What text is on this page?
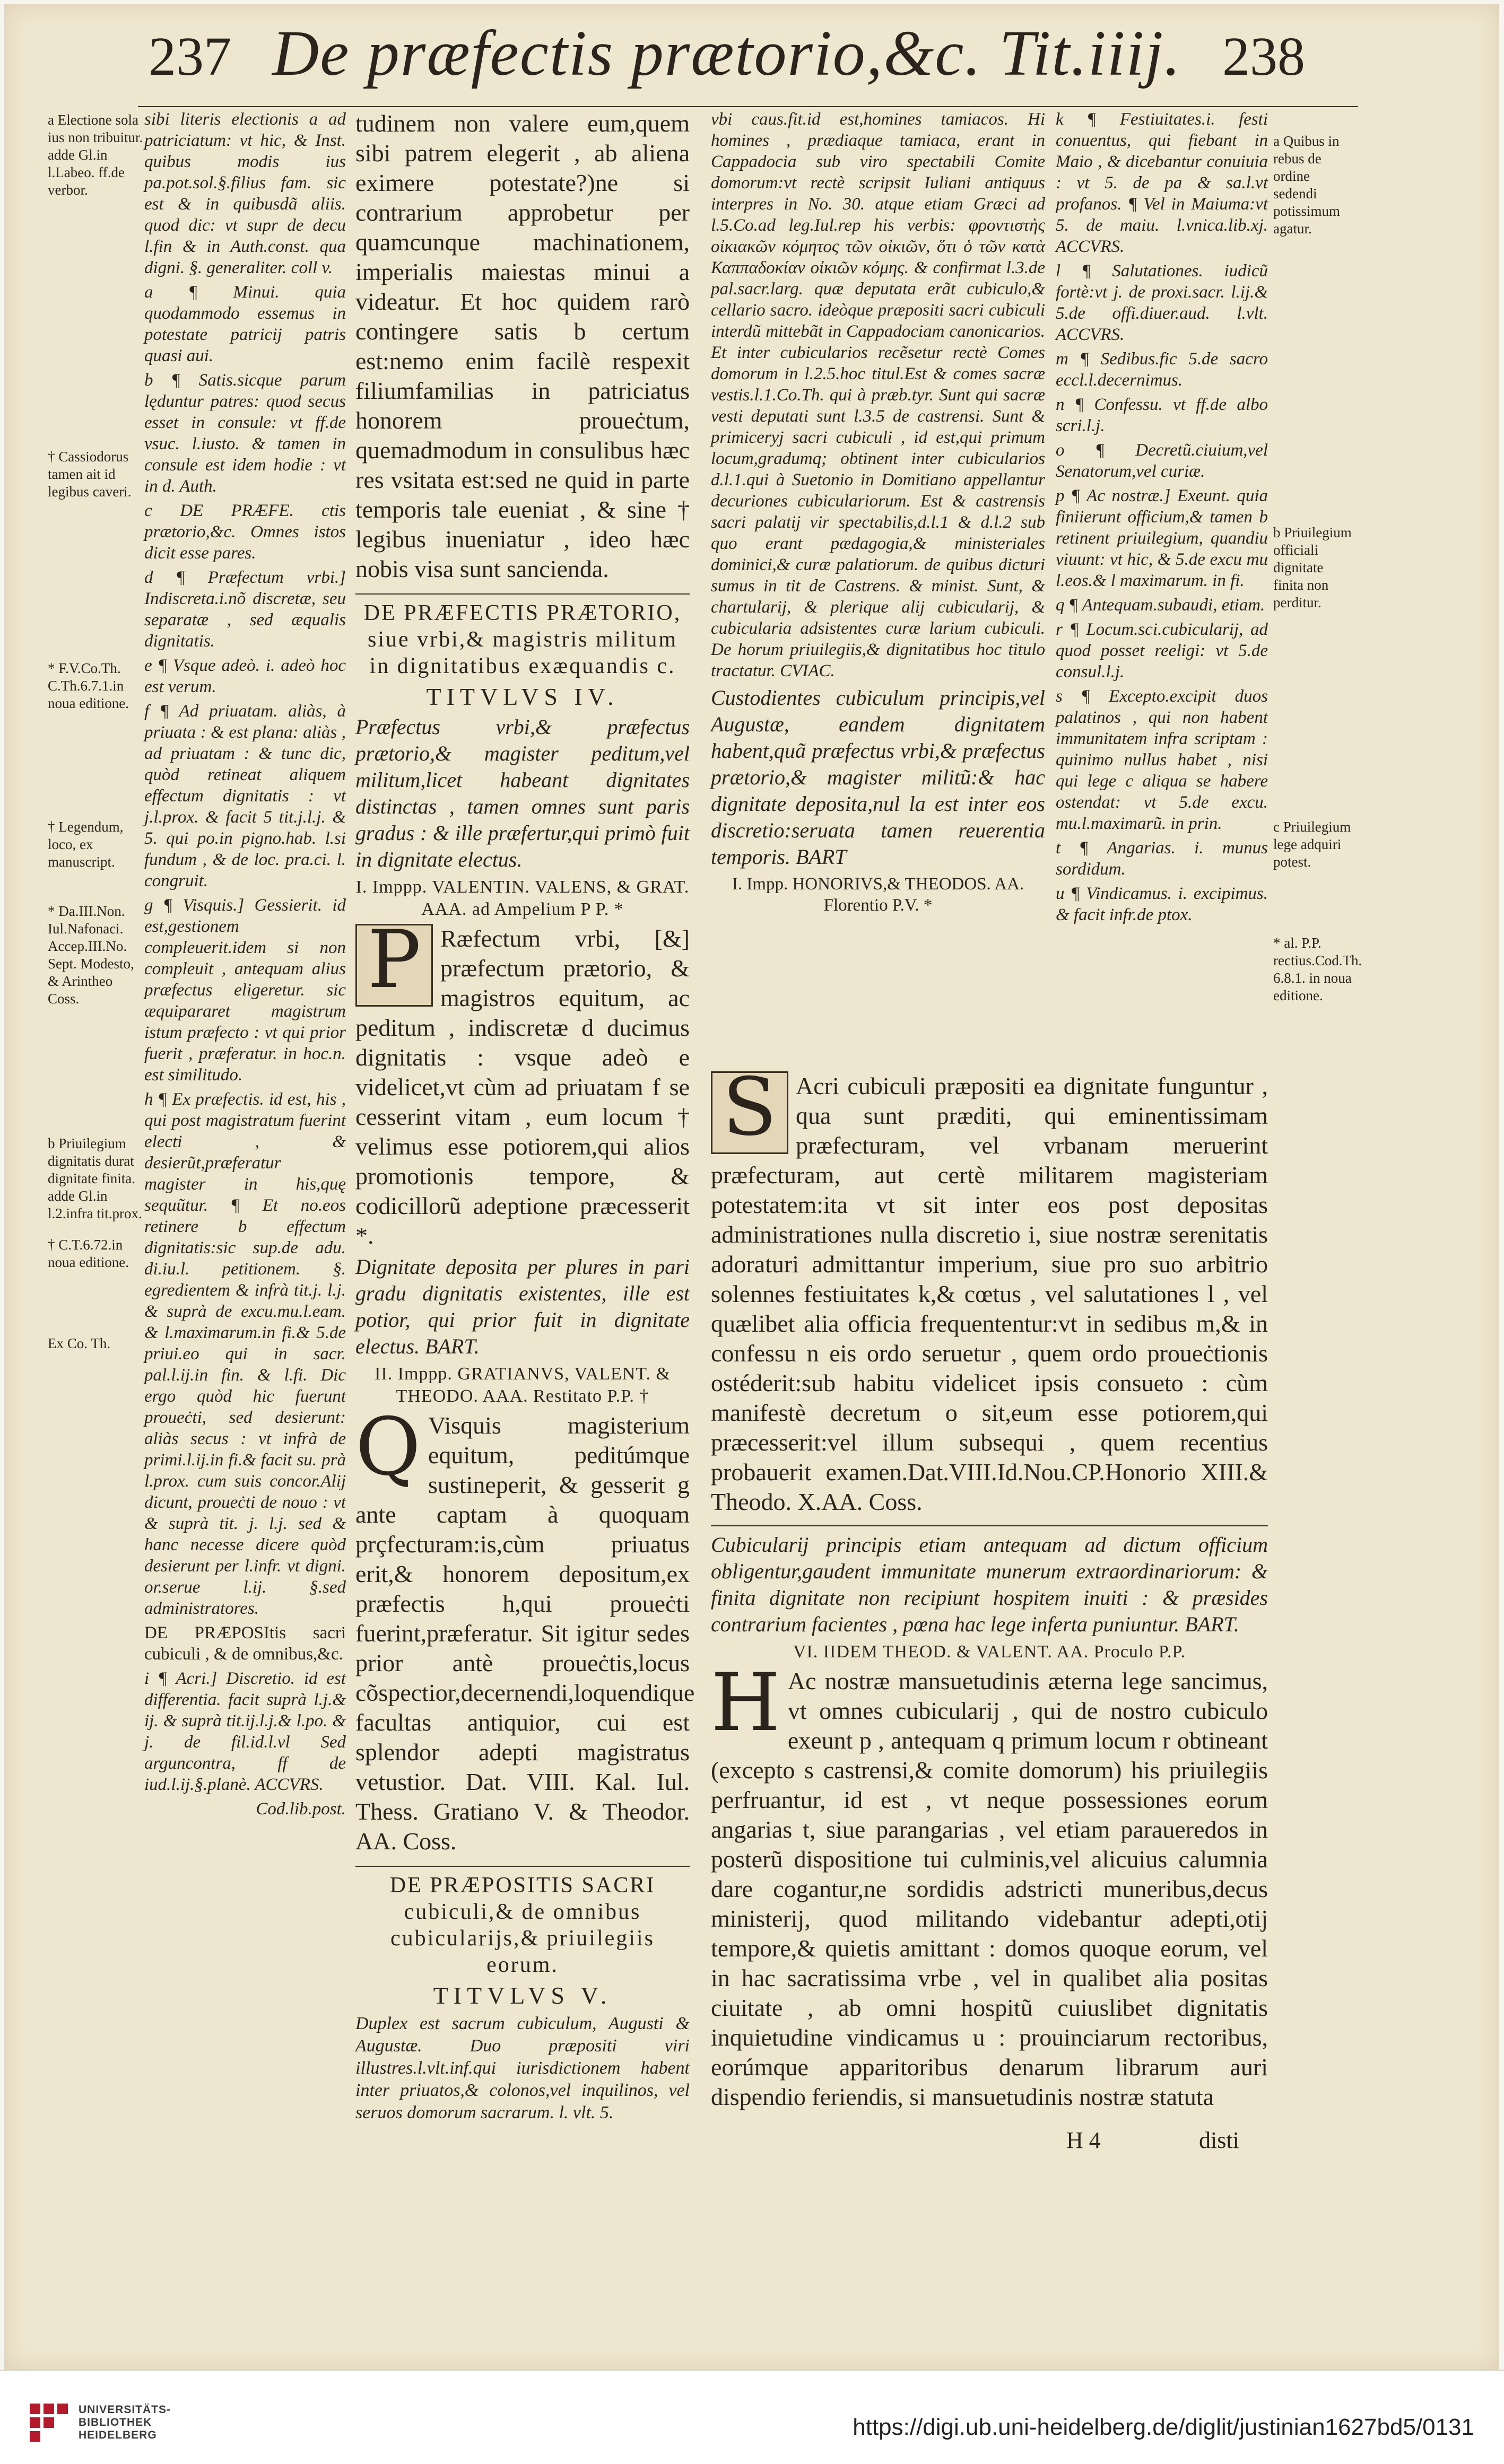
237 De præfectis prætorio,&c. Tit.iiij. 238
a Electione sola ius non tribuitur. adde Gl.in l.Labeo. ff.de verbor.
† Cassiodorus tamen ait id legibus caveri.
* F.V.Co.Th. C.Th.6.7.1.in noua editione.
† Legendum, loco, ex manuscript.
* Da.III.Non. Iul.Nafonaci. Accep.III.No. Sept. Modesto, & Arintheo Coss.
b Priuilegium dignitatis durat dignitate finita. adde Gl.in l.2.infra tit.prox.
† C.T.6.72.in noua editione.
Ex Co. Th.

sibi literis electionis a ad patriciatum: vt hic, & Inst. quibus modis ius pa.pot.sol.§.filius fam. sic est & in quibusdã aliis. quod dic: vt supr de decu l.fin & in Auth.const. qua digni. §. generaliter. coll v.

a ¶ Minui. quia quodammodo essemus in potestate patricij patris quasi aui.

b ¶ Satis.sicque parum lęduntur patres: quod secus esset in consule: vt ff.de vsuc. l.iusto. & tamen in consule est idem hodie : vt in d. Auth.

c DE PRÆFE. ctis prætorio,&c. Omnes istos dicit esse pares.

d ¶ Præfectum vrbi.] Indiscreta.i.nõ discretæ, seu separatæ , sed æqualis dignitatis.

e ¶ Vsque adeò. i. adeò hoc est verum.

f ¶ Ad priuatam. aliàs, à priuata : & est plana: aliàs , ad priuatam : & tunc dic, quòd retineat aliquem effectum dignitatis : vt j.l.prox. & facit 5 tit.j.l.j. & 5. qui po.in pigno.hab. l.si fundum , & de loc. pra.ci. l. congruit.

g ¶ Visquis.] Gessierit. id est,gestionem compleuerit.idem si non compleuit , antequam alius præfectus eligeretur. sic æquipararet magistrum istum præfecto : vt qui prior fuerit , præferatur. in hoc.n. est similitudo.

h ¶ Ex præfectis. id est, his , qui post magistratum fuerint electi , & desierũt,præferatur magister in his,quę sequũtur. ¶ Et no.eos retinere b effectum dignitatis:sic sup.de adu. di.iu.l. petitionem. §. egredientem & infrà tit.j. l.j. & suprà de excu.mu.l.eam. & l.maximarum.in fi.& 5.de priui.eo qui in sacr. pal.l.ij.in fin. & l.fi. Dic ergo quòd hic fuerunt proueċti, sed desierunt: aliàs secus : vt infrà de primi.l.ij.in fi.& facit su. prà l.prox. cum suis concor.Alij dicunt, proueċti de nouo : vt & suprà tit. j. l.j. sed & hanc necesse dicere quòd desierunt per l.infr. vt digni. or.serue l.ij. §.sed administratores.

DE PRÆPOSItis sacri cubiculi , & de omnibus,&c.

i ¶ Acri.] Discretio. id est differentia. facit suprà l.j.& ij. & suprà tit.ij.l.j.& l.po. & j. de fil.id.l.vl Sed arguncontra, ff de iud.l.ij.§.planè. ACCVRS.

Cod.lib.post.

tudinem non valere eum,quem sibi patrem elegerit , ab aliena eximere potestate?)ne si contrarium approbetur per quamcunque machinationem, imperialis maiestas minui a videatur. Et hoc quidem rarò contingere satis b certum est:nemo enim facilè respexit filiumfamilias in patriciatus honorem proueċtum, quemadmodum in consulibus hæc res vsitata est:sed ne quid in parte temporis tale eueniat , & sine † legibus inueniatur , ideo hæc nobis visa sunt sancienda.

DE PRÆFECTIS PRÆTORIO, siue vrbi,& magistris militum in dignitatibus exæquandis c.

TITVLVS IV.

Præfectus vrbi,& præfectus prætorio,& magister peditum,vel militum,licet habeant dignitates distinctas , tamen omnes sunt paris gradus : & ille præfertur,qui primò fuit in dignitate electus.

I. Imppp. VALENTIN. VALENS, & GRAT. AAA. ad Ampelium P P. *

P Ræfectum vrbi, [&] præfectum prætorio, & magistros equitum, ac peditum , indiscretæ d ducimus dignitatis : vsque adeò e videlicet,vt cùm ad priuatam f se cesserint vitam , eum locum † velimus esse potiorem,qui alios promotionis tempore, & codicillorũ adeptione præcesserit *.

Dignitate deposita per plures in pari gradu dignitatis existentes, ille est potior, qui prior fuit in dignitate electus. BART.

II. Imppp. GRATIANVS, VALENT. & THEODO. AAA. Restitato P.P. †

Q Visquis magisterium equitum, peditúmque sustineperit, & gesserit g ante captam à quoquam prçfecturam:is,cùm priuatus erit,& honorem depositum,ex præfectis h,qui proueċti fuerint,præferatur. Sit igitur sedes prior antè proueċtis,locus cõspectior,decernendi,loquendique facultas antiquior, cui est splendor adepti magistratus vetustior. Dat. VIII. Kal. Iul. Thess. Gratiano V. & Theodor. AA. Coss.

DE PRÆPOSITIS SACRI cubiculi,& de omnibus cubicularijs,& priuilegiis eorum.

TITVLVS V.

Duplex est sacrum cubiculum, Augusti & Augustæ. Duo præpositi viri illustres.l.vlt.inf.qui iurisdictionem habent inter priuatos,& colonos,vel inquilinos, vel seruos domorum sacrarum. l. vlt. 5.

vbi caus.fit.id est,homines tamiacos. Hi homines , prædiaque tamiaca, erant in Cappadocia sub viro spectabili Comite domorum:vt rectè scripsit Iuliani antiquus interpres in No. 30. atque etiam Græci ad l.5.Co.ad leg.Iul.rep his verbis: φροντιστὴς οἰκιακῶν κόμητος τῶν οἰκιῶν, ὅτι ὁ τῶν κατὰ Καππαδοκίαν οἰκιῶν κόμης. & confirmat l.3.de pal.sacr.larg. quæ deputata erãt cubiculo,& cellario sacro. ideòque præpositi sacri cubiculi interdũ mittebãt in Cappadociam canonicarios. Et inter cubicularios recẽsetur rectè Comes domorum in l.2.5.hoc titul.Est & comes sacræ vestis.l.1.Co.Th. qui à præb.tyr. Sunt qui sacræ vesti deputati sunt l.3.5 de castrensi. Sunt & primiceryj sacri cubiculi , id est,qui primum locum,gradumq; obtinent inter cubicularios d.l.1.qui à Suetonio in Domitiano appellantur decuriones cubiculariorum. Est & castrensis sacri palatij vir spectabilis,d.l.1 & d.l.2 sub quo erant pædagogia,& ministeriales dominici,& curæ palatiorum. de quibus dicturi sumus in tit de Castrens. & minist. Sunt, & chartularij, & plerique alij cubicularij, & cubicularia adsistentes curæ larium cubiculi. De horum priuilegiis,& dignitatibus hoc titulo tractatur. CVIAC.

Custodientes cubiculum principis,vel Augustæ, eandem dignitatem habent,quã præfectus vrbi,& præfectus prætorio,& magister militũ:& hac dignitate deposita,nul la est inter eos discretio:seruata tamen reuerentia temporis. BART

I. Impp. HONORIVS,& THEODOS. AA. Florentio P.V. *

k ¶ Festiuitates.i. festi conuentus, qui fiebant in Maio , & dicebantur conuiuia : vt 5. de pa & sa.l.vt profanos. ¶ Vel in Maiuma:vt 5. de maiu. l.vnica.lib.xj. ACCVRS.

l ¶ Salutationes. iudicũ fortè:vt j. de proxi.sacr. l.ij.& 5.de offi.diuer.aud. l.vlt. ACCVRS.

m ¶ Sedibus.fic 5.de sacro eccl.l.decernimus.

n ¶ Confessu. vt ff.de albo scri.l.j.

o ¶ Decretũ.ciuium,vel Senatorum,vel curiæ.

p ¶ Ac nostræ.] Exeunt. quia finiierunt officium,& tamen b retinent priuilegium, quandiu viuunt: vt hic, & 5.de excu mu l.eos.& l maximarum. in fi.

q ¶ Antequam.subaudi, etiam.

r ¶ Locum.sci.cubicularij, ad quod posset reeligi: vt 5.de consul.l.j.

s ¶ Excepto.excipit duos palatinos , qui non habent immunitatem infra scriptam : quinimo nullus habet , nisi qui lege c aliqua se habere ostendat: vt 5.de excu. mu.l.maximarũ. in prin.

t ¶ Angarias. i. munus sordidum.

u ¶ Vindicamus. i. excipimus. & facit infr.de ptox.

a Quibus in rebus de ordine sedendi potissimum agatur.
b Priuilegium officiali dignitate finita non perditur.
c Priuilegium lege adquiri potest.
* al. P.P. rectius.Cod.Th. 6.8.1. in noua editione.

S Acri cubiculi præpositi ea dignitate funguntur , qua sunt præditi, qui eminentissimam præfecturam, vel vrbanam meruerint præfecturam, aut certè militarem magisteriam potestatem:ita vt sit inter eos post depositas administrationes nulla discretio i, siue nostræ serenitatis adoraturi admittantur imperium, siue pro suo arbitrio solennes festiuitates k,& cœtus , vel salutationes l , vel quælibet alia officia frequententur:vt in sedibus m,& in confessu n eis ordo seruetur , quem ordo proueċtionis ostéderit:sub habitu videlicet ipsis consueto : cùm manifestè decretum o sit,eum esse potiorem,qui præcesserit:vel illum subsequi , quem recentius probauerit examen.Dat.VIII.Id.Nou.CP.Honorio XIII.& Theodo. X.AA. Coss.

Cubicularij principis etiam antequam ad dictum officium obligentur,gaudent immunitate munerum extraordinariorum: & finita dignitate non recipiunt hospitem inuiti : & præsides contrarium facientes , pœna hac lege inferta puniuntur. BART.

VI. IIDEM THEOD. & VALENT. AA. Proculo P.P.

H Ac nostræ mansuetudinis æterna lege sancimus, vt omnes cubicularij , qui de nostro cubiculo exeunt p , antequam q primum locum r obtineant (excepto s castrensi,& comite domorum) his priuilegiis perfruantur, id est , vt neque possessiones eorum angarias t, siue parangarias , vel etiam paraueredos in posterũ dispositione tui culminis,vel alicuius calumnia dare cogantur,ne sordidis adstricti muneribus,decus ministerij, quod militando videbantur adepti,otij tempore,& quietis amittant : domos quoque eorum, vel in hac sacratissima vrbe , vel in qualibet alia positas ciuitate , ab omni hospitũ cuiuslibet dignitatis inquietudine vindicamus u : prouinciarum rectoribus, eorúmque apparitoribus denarum librarum auri dispendio feriendis, si mansuetudinis nostræ statuta

H 4	disti
UNIVERSITÄTS-
BIBLIOTHEK
HEIDELBERG	https://digi.ub.uni-heidelberg.de/diglit/justinian1627bd5/0131
